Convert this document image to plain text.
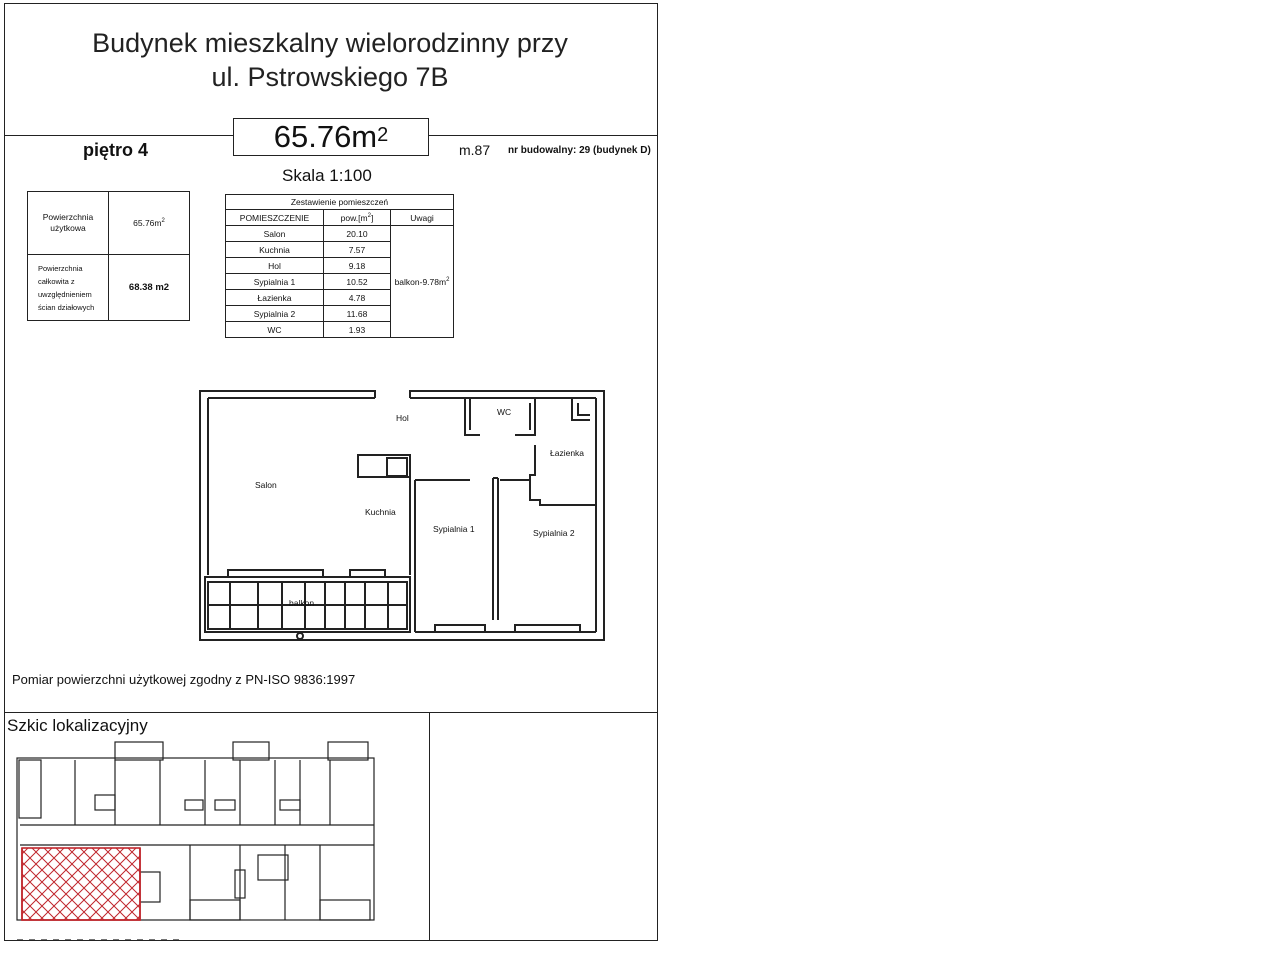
Budynek mieszkalny wielorodzinny przy
ul. Pstrowskiego 7B
$65.76m^2$
piętro 4	m.87 nr budowalny: 29 (budynek D)
Skala 1:100
Powierzchnia użytkowa	$65.76m^2$

Powierzchnia
całkowita z
uwzględnieniem
ścian działowych	68.38 m2
Zestawienie pomieszczeń		
POMIESZCZENIE	$pow.[m^2]$	Uwagi
Salon	20.10	balkon-$9.78m^2$
Kuchnia	7.57	
Hol	9.18	
Sypialnia 1	10.52	
Łazienka	4.78	
Sypialnia 2	11.68	
WC	1.93	
Hol
WC
Łazienka
Salon
Kuchnia
Sypialnia 1	Sypialnia 2
balkon
Pomiar powierzchni użytkowej zgodny z PN-ISO 9836:1997
Szkic lokalizacyjny
